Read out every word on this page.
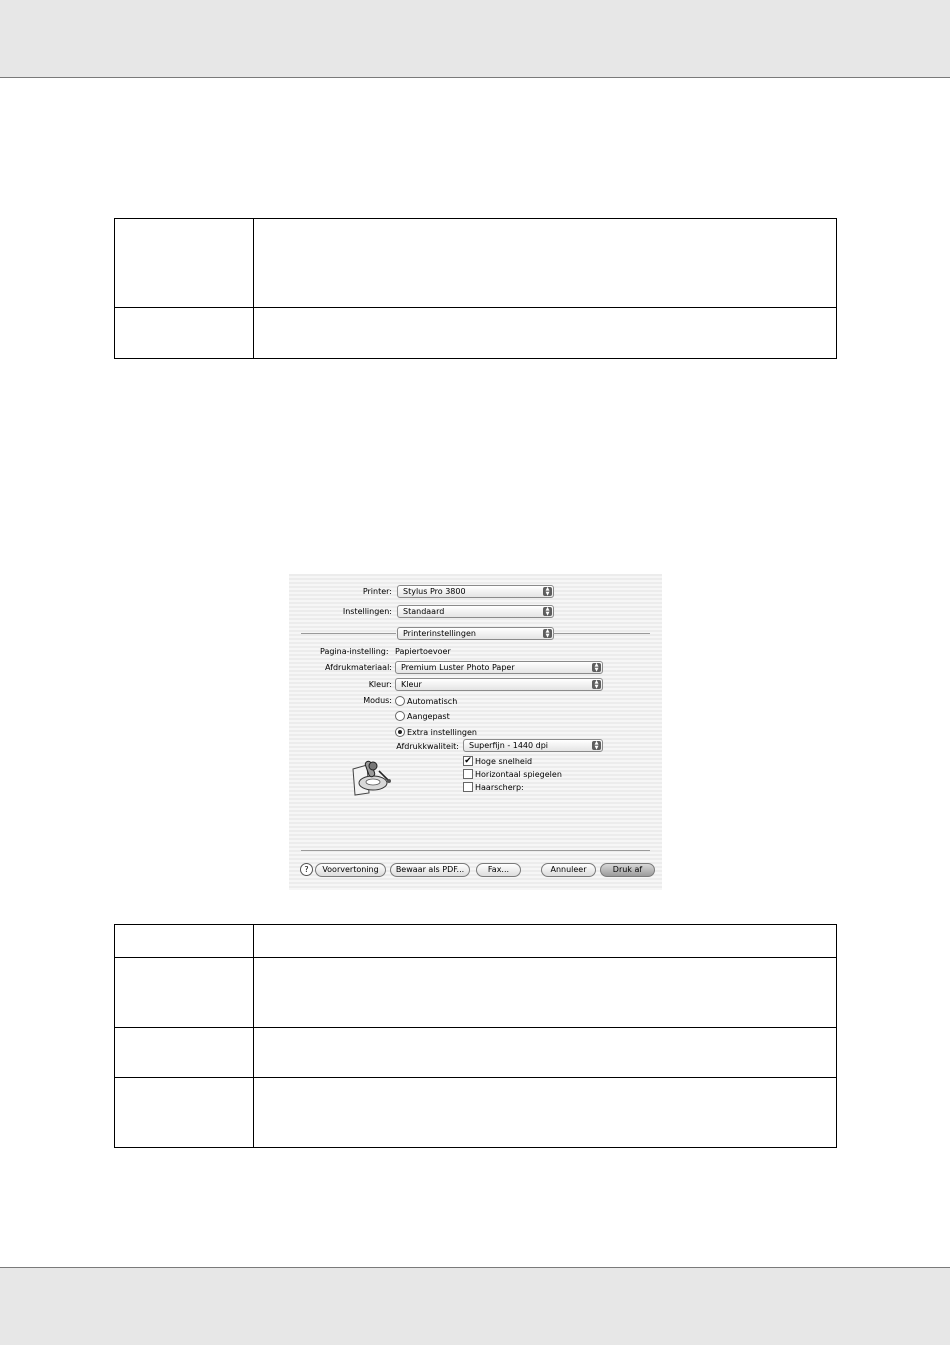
Printer:	Stylus Pro 3800	▲
▼
Instellingen:	Standaard	▲
▼
Printerinstellingen	▲
▼
Pagina-instelling: Papiertoevoer
Afdrukmateriaal:	Premium Luster Photo Paper	▲
▼
Kleur:	Kleur	▲
▼
Modus: Automatisch
Aangepast
Extra instellingen
Afdrukkwaliteit:	Superfijn - 1440 dpi	▲
▼
✔ Hoge snelheid
Horizontaal spiegelen
Haarscherp:
?	Voorvertoning	Bewaar als PDF...	Fax...	Annuleer	Druk af
